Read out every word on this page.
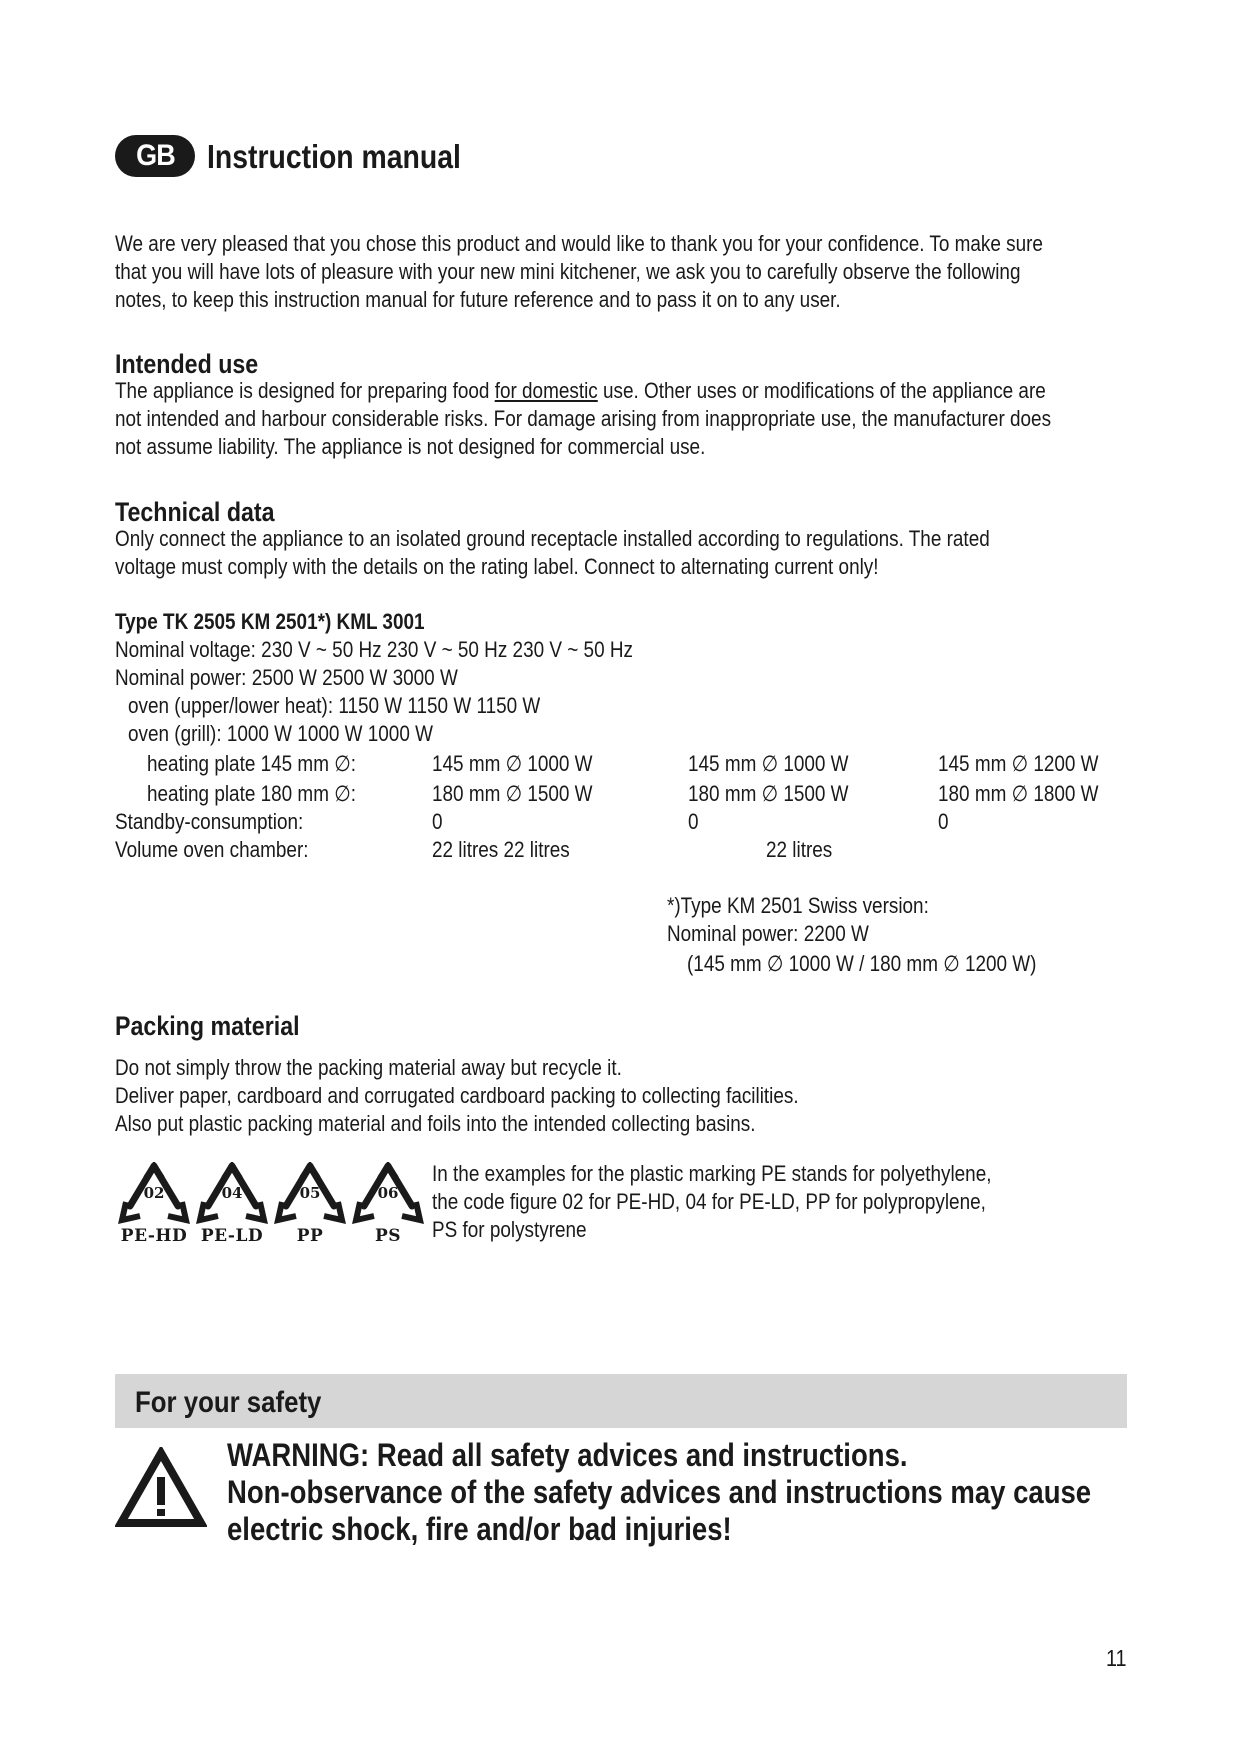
GB Instruction manual
We are very pleased that you chose this product and would like to thank you for your confidence. To make sure
that you will have lots of pleasure with your new mini kitchener, we ask you to carefully observe the following
notes, to keep this instruction manual for future reference and to pass it on to any user.
Intended use
The appliance is designed for preparing food for domestic use. Other uses or modifications of the appliance are
not intended and harbour considerable risks. For damage arising from inappropriate use, the manufacturer does
not assume liability. The appliance is not designed for commercial use.
Technical data
Only connect the appliance to an isolated ground receptacle installed according to regulations. The rated
voltage must comply with the details on the rating label. Connect to alternating current only!
Type TK 2505 KM 2501*) KML 3001
Nominal voltage: 230 V ~ 50 Hz 230 V ~ 50 Hz 230 V ~ 50 Hz
Nominal power: 2500 W 2500 W 3000 W
oven (upper/lower heat): 1150 W 1150 W 1150 W
oven (grill): 1000 W 1000 W 1000 W
heating plate 145 mm ∅:	145 mm ∅ 1000 W	145 mm ∅ 1000 W	145 mm ∅ 1200 W
heating plate 180 mm ∅:	180 mm ∅ 1500 W	180 mm ∅ 1500 W	180 mm ∅ 1800 W
Standby-consumption:	0	0	0
Volume oven chamber:	22 litres 22 litres	22 litres
*)Type KM 2501 Swiss version:
Nominal power: 2200 W
(145 mm ∅ 1000 W / 180 mm ∅ 1200 W)
Packing material
Do not simply throw the packing material away but recycle it.
Deliver paper, cardboard and corrugated cardboard packing to collecting facilities.
Also put plastic packing material and foils into the intended collecting basins.
02
PE-HD
04
PE-LD
05
PP
06
PS
In the examples for the plastic marking PE stands for polyethylene,
the code figure 02 for PE-HD, 04 for PE-LD, PP for polypropylene,
PS for polystyrene
For your safety
WARNING: Read all safety advices and instructions.
Non-observance of the safety advices and instructions may cause
electric shock, fire and/or bad injuries!
11
